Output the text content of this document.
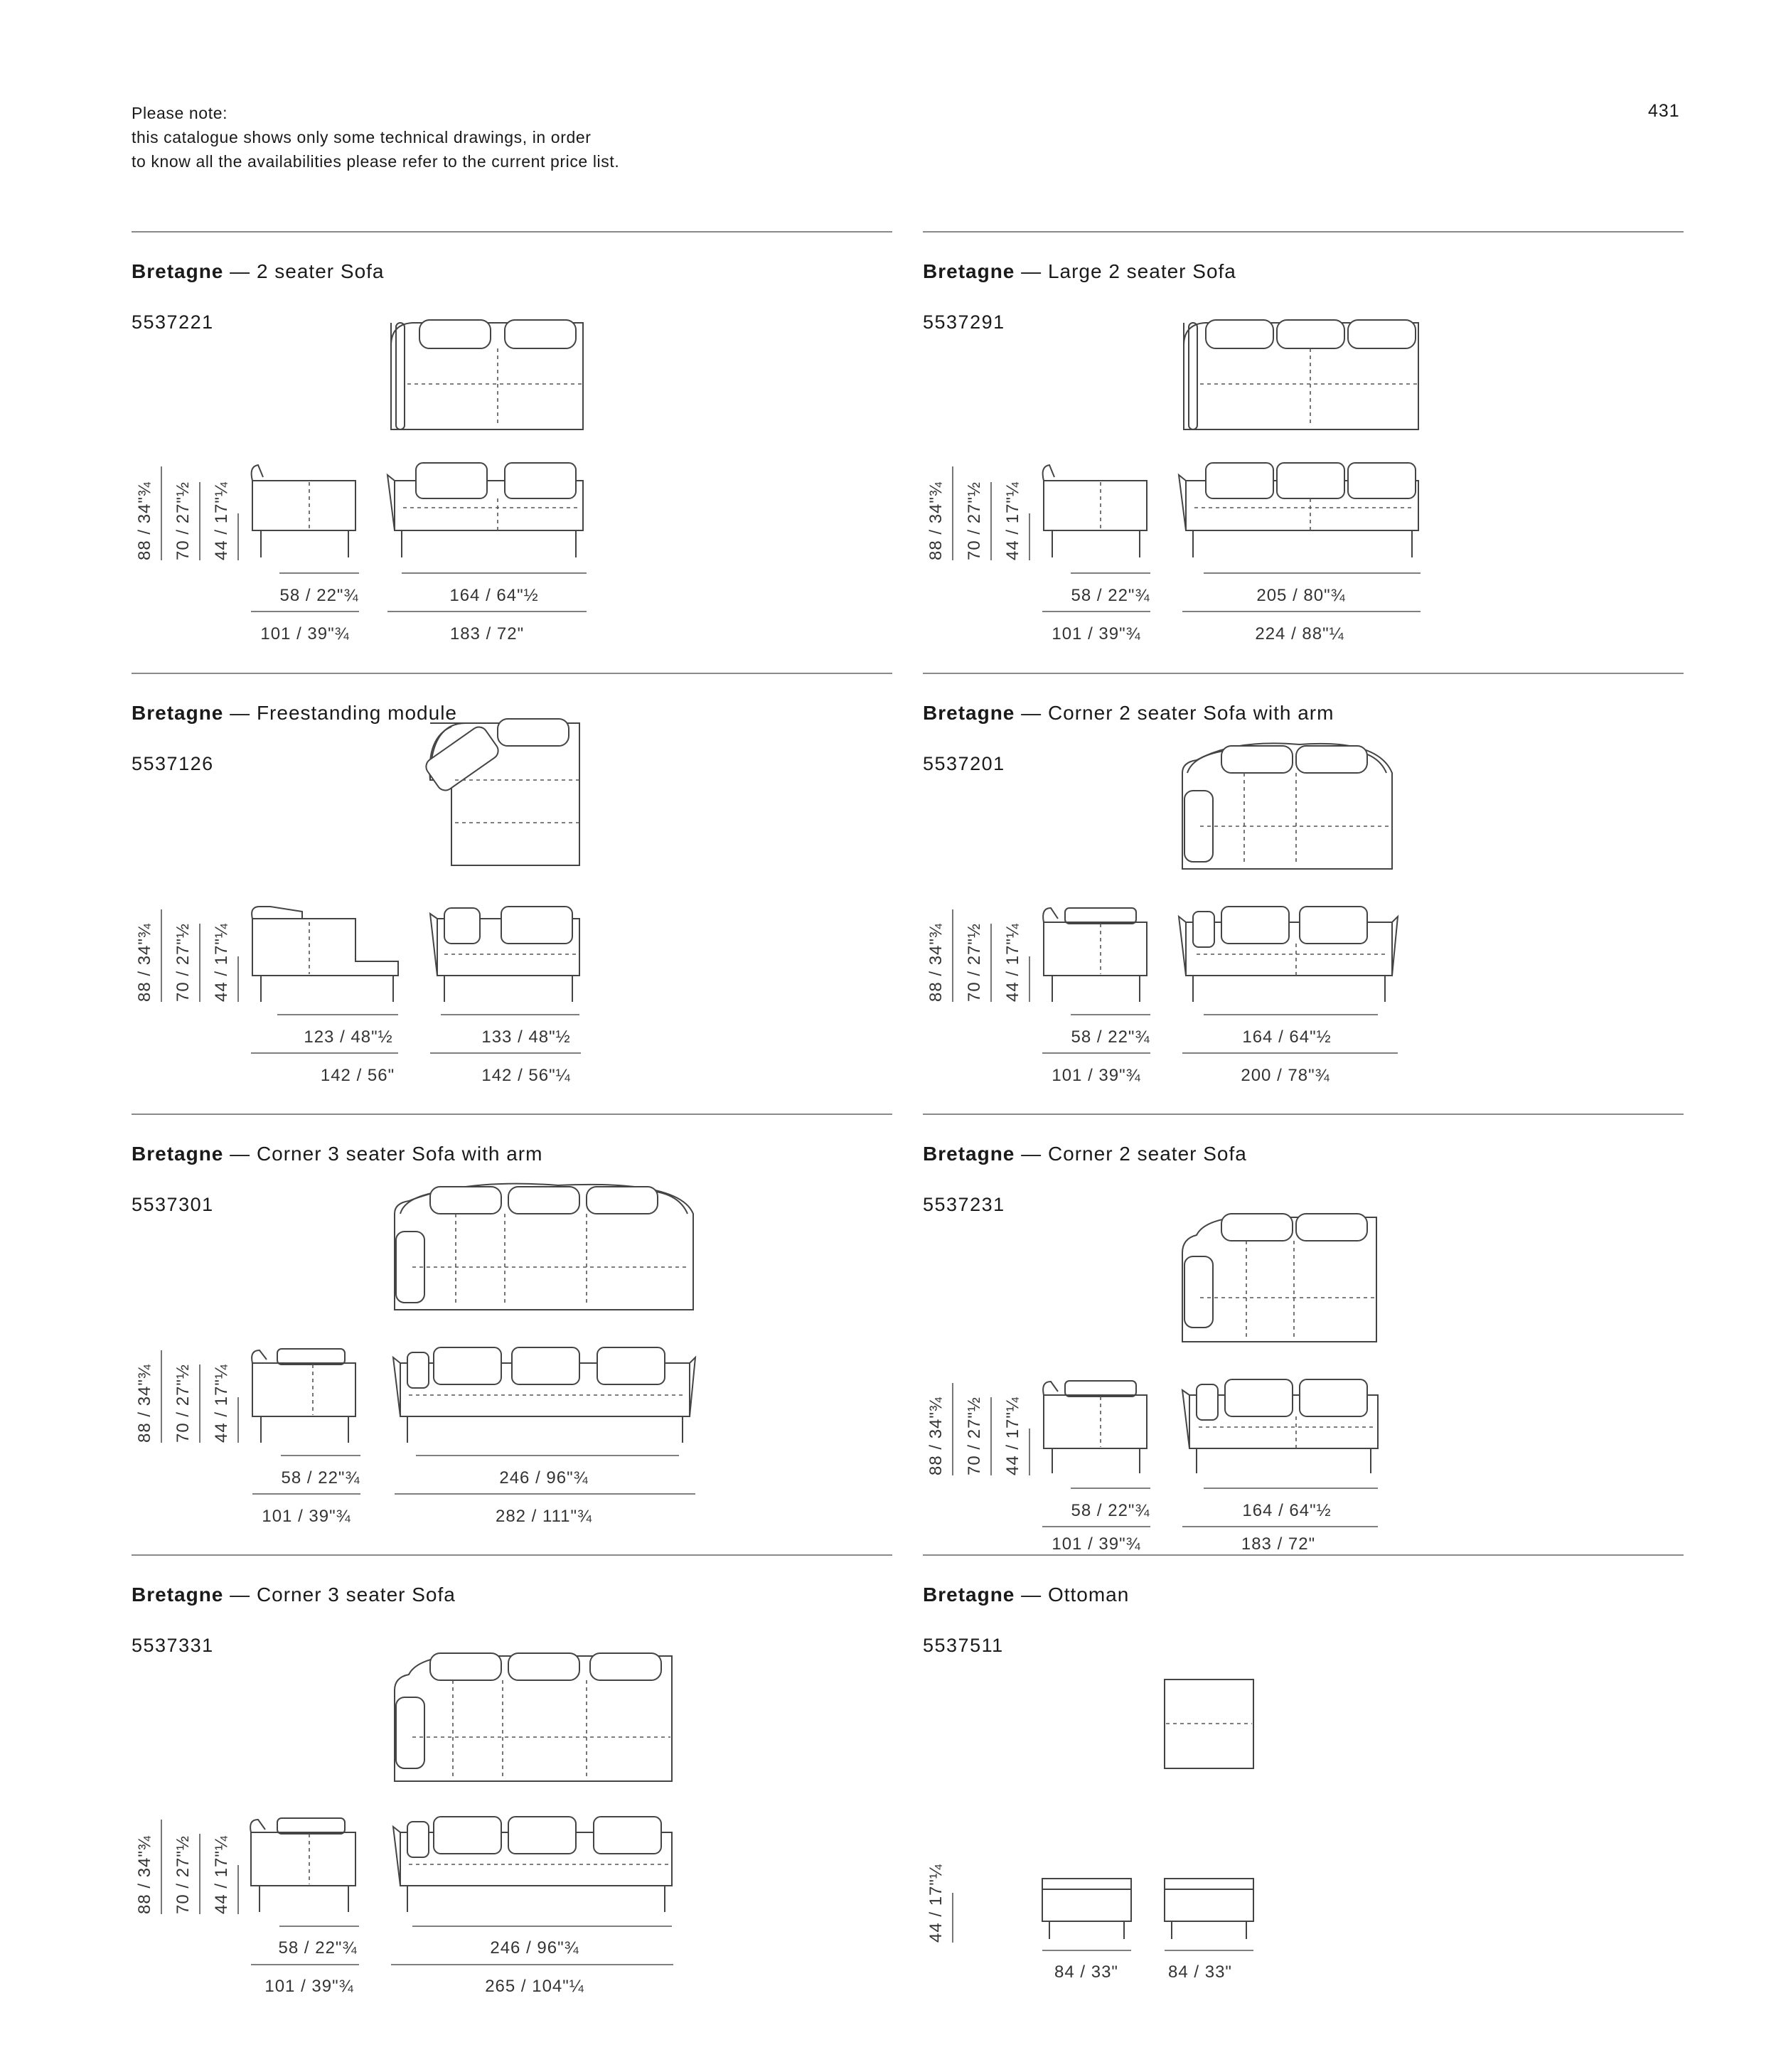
Please note:
this catalogue shows only some technical drawings, in order
to know all the availabilities please refer to the current price list.
431
88 / 34"¾ 70 / 27"½ 44 / 17"¼
58 / 22"¾
101 / 39"¾
164 / 64"½
183 / 72"
Bretagne — 2 seater Sofa
5537221
88 / 34"¾ 70 / 27"½ 44 / 17"¼
58 / 22"¾
101 / 39"¾
205 / 80"¾
224 / 88"¼
Bretagne — Large 2 seater Sofa
5537291
88 / 34"¾ 70 / 27"½ 44 / 17"¼
123 / 48"½
142 / 56"
133 / 48"½
142 / 56"¼
Bretagne — Freestanding module
5537126
88 / 34"¾ 70 / 27"½ 44 / 17"¼
58 / 22"¾
101 / 39"¾
164 / 64"½
200 / 78"¾
Bretagne — Corner 2 seater Sofa with arm
5537201
88 / 34"¾ 70 / 27"½ 44 / 17"¼
58 / 22"¾
101 / 39"¾
246 / 96"¾
282 / 111"¾
Bretagne — Corner 3 seater Sofa with arm
5537301
88 / 34"¾ 70 / 27"½ 44 / 17"¼
58 / 22"¾
101 / 39"¾
164 / 64"½
183 / 72"
Bretagne — Corner 2 seater Sofa
5537231
88 / 34"¾ 70 / 27"½ 44 / 17"¼
58 / 22"¾
101 / 39"¾
246 / 96"¾
265 / 104"¼
Bretagne — Corner 3 seater Sofa
5537331
44 / 17"¼
84 / 33"	84 / 33"
Bretagne — Ottoman
5537511
